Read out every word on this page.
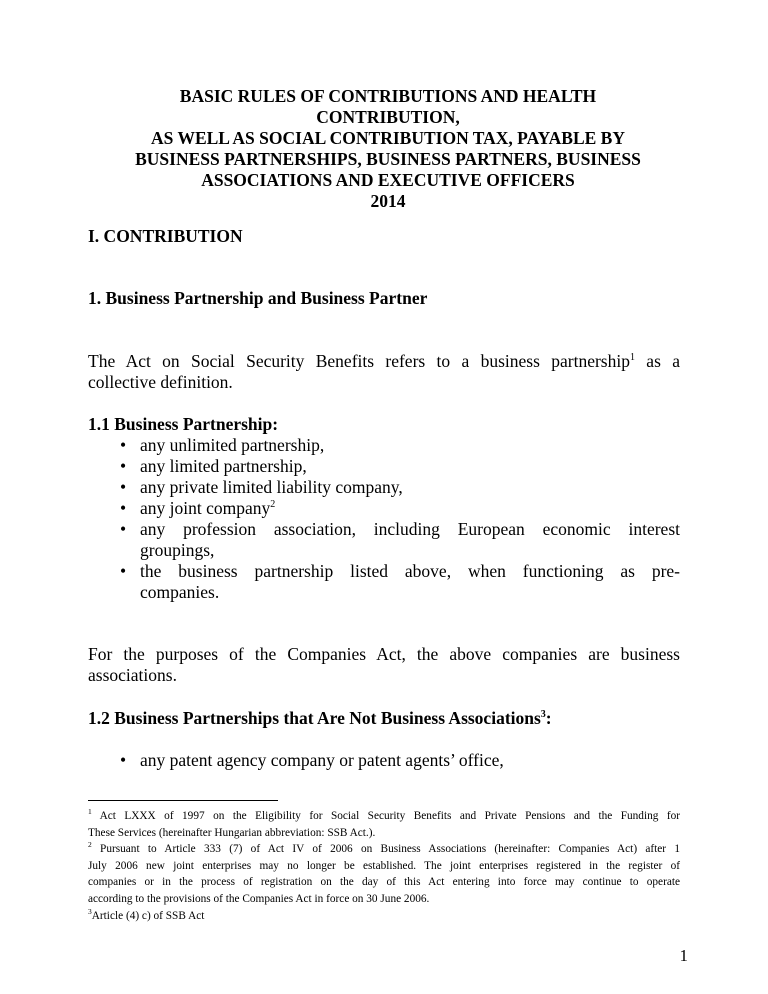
BASIC RULES OF CONTRIBUTIONS AND HEALTH
CONTRIBUTION,
AS WELL AS SOCIAL CONTRIBUTION TAX, PAYABLE BY
BUSINESS PARTNERSHIPS, BUSINESS PARTNERS, BUSINESS
ASSOCIATIONS AND EXECUTIVE OFFICERS
2014
I. CONTRIBUTION
1. Business Partnership and Business Partner
The Act on Social Security Benefits refers to a business partnership$^1$ as a
collective definition.
1.1 Business Partnership:
• any unlimited partnership,
• any limited partnership,
• any private limited liability company,
• any joint company$^2$
• any profession association, including European economic interest
groupings,
• the business partnership listed above, when functioning as pre-
companies.
For the purposes of the Companies Act, the above companies are business
associations.
1.2 Business Partnerships that Are Not Business Associations$^3$:
• any patent agency company or patent agents’ office,
$^1$ Act LXXX of 1997 on the Eligibility for Social Security Benefits and Private Pensions and the Funding for
These Services (hereinafter Hungarian abbreviation: SSB Act.).
$^2$ Pursuant to Article 333 (7) of Act IV of 2006 on Business Associations (hereinafter: Companies Act) after 1
July 2006 new joint enterprises may no longer be established. The joint enterprises registered in the register of
companies or in the process of registration on the day of this Act entering into force may continue to operate
according to the provisions of the Companies Act in force on 30 June 2006.
$^3$Article (4) c) of SSB Act
1
